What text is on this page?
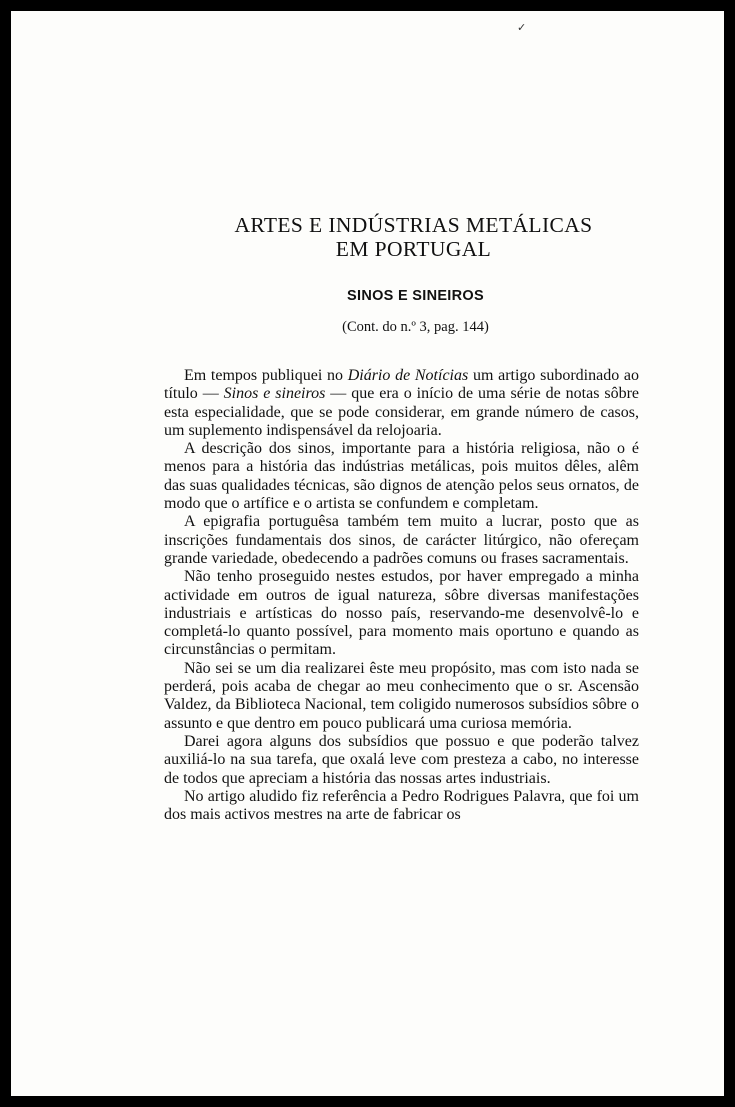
✓
ARTES E INDÚSTRIAS METÁLICAS
EM PORTUGAL
SINOS E SINEIROS
(Cont. do n.º 3, pag. 144)

Em tempos publiquei no Diário de Notícias um artigo subordinado ao título — Sinos e sineiros — que era o início de uma série de notas sôbre esta especialidade, que se pode considerar, em grande número de casos, um suplemento indispensável da relojoaria.

A descrição dos sinos, importante para a história religiosa, não o é menos para a história das indústrias metálicas, pois muitos dêles, alêm das suas qualidades técnicas, são dignos de atenção pelos seus ornatos, de modo que o artífice e o artista se confundem e completam.

A epigrafia portuguêsa também tem muito a lucrar, posto que as inscrições fundamentais dos sinos, de carácter litúrgico, não ofereçam grande variedade, obedecendo a padrões comuns ou frases sacramentais.

Não tenho proseguido nestes estudos, por haver empregado a minha actividade em outros de igual natureza, sôbre diversas manifestações industriais e artísticas do nosso país, reservando-me desenvolvê-lo e completá-lo quanto possível, para momento mais oportuno e quando as circunstâncias o permitam.

Não sei se um dia realizarei êste meu propósito, mas com isto nada se perderá, pois acaba de chegar ao meu conhecimento que o sr. Ascensão Valdez, da Biblioteca Nacional, tem coligido numerosos subsídios sôbre o assunto e que dentro em pouco publicará uma curiosa memória.

Darei agora alguns dos subsídios que possuo e que poderão talvez auxiliá-lo na sua tarefa, que oxalá leve com presteza a cabo, no interesse de todos que apreciam a história das nossas artes industriais.

No artigo aludido fiz referência a Pedro Rodrigues Palavra, que foi um dos mais activos mestres na arte de fabricar os
